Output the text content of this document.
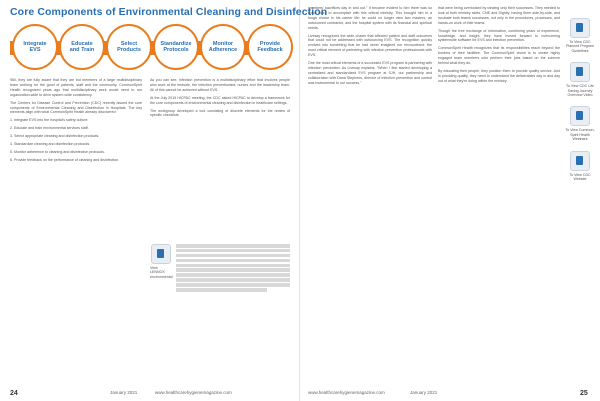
Core Components of Environmental Cleaning and Disinfection
Integrate
EVS
Educate
and Train
Select
Products
Standardize
Protocols
Monitor
Adherence
Provide
Feedback

Still, they are fully aware that they are but members of a large multidisciplinary team working for the good of patients, staff and the community. CommonSpirit Health recognized years ago that multidisciplinary work would need to run organization-wide to drive system-wide consistency.

The Centers for Disease Control and Prevention (CDC) recently issued the core components of Environmental Cleaning and Disinfection in Hospitals. The key elements align with what CommonSpirit Health already discovered:

1. Integrate EVS into the hospital's safety culture.

2. Educate and train environmental services staff.

3. Select appropriate cleaning and disinfection products.

4. Standardize cleaning and disinfection protocols.

5. Monitor adherence to cleaning and disinfection protocols.

6. Provide feedback on the performance of cleaning and disinfection.

As you can see, infection prevention is a multidisciplinary effort that involves people who work at the bedside, the infection preventionists, nurses and the leadership team. All of this cannot be achieved without EVS.

At the July 2019 HICPAC meeting, the CDC asked HICPAC to develop a framework for the core components of environmental cleaning and disinfection in healthcare settings.

The workgroup developed a tool consisting of discrete elements for the review of specific checklists.

View LENNOX environmental
24	January 2021	www.healthcarehygienemagazine.com

members' sacrifices day in and out." It became evident to him there was so much more to accomplish with this critical ministry. This brought him to a tough choice in his career life: he could no longer view two masters, an outsourced contractor, and the hospital system with its financial and spiritual needs.

Livesay recognized the wide chasm that affected patient and staff outcomes that could not be addressed with outsourcing EVS. The recognition quickly evolved into something that he had never imagined nor encountered: the most critical element of partnering with infection prevention professionals with EVS.

One the most critical elements of a successful EVS program is partnering with infection prevention. As Livesay explains, "When I first started developing a centralized and standardized EVS program at SJH, our partnership and collaboration with Dana Stephens, director of infection prevention and control was instrumental to our success."

that were being overlooked by viewing only their successes. They needed to look at both ministry sides, CNE and Dignity, having them side-by-side, and incubate both teams successes, not only in the procedures, processes, and hands-on work of their teams.

Though the free exchange of information, combining years of experience, knowledge, and insight, they have moved forward to overcoming systemwide software for EVS and infection prevention.

CommonSpirit Health recognizes that its responsibilities reach beyond the borders of their facilities. The CommonSpirit vision is to create highly engaged team members who perform their jobs based on the science behind what they do.

By educating their people, they position them to provide quality service. And in providing quality, they need to understand the deliverables day in and day out of what they're doing within the ministry.

To View CDC Planned Program Guidelines
To View CDC Life Saving Journey Overview Video
To View Common-Spirit Health Webinars
To View CDC Website
www.healthcarehygienemagazine.com	January 2021	25
